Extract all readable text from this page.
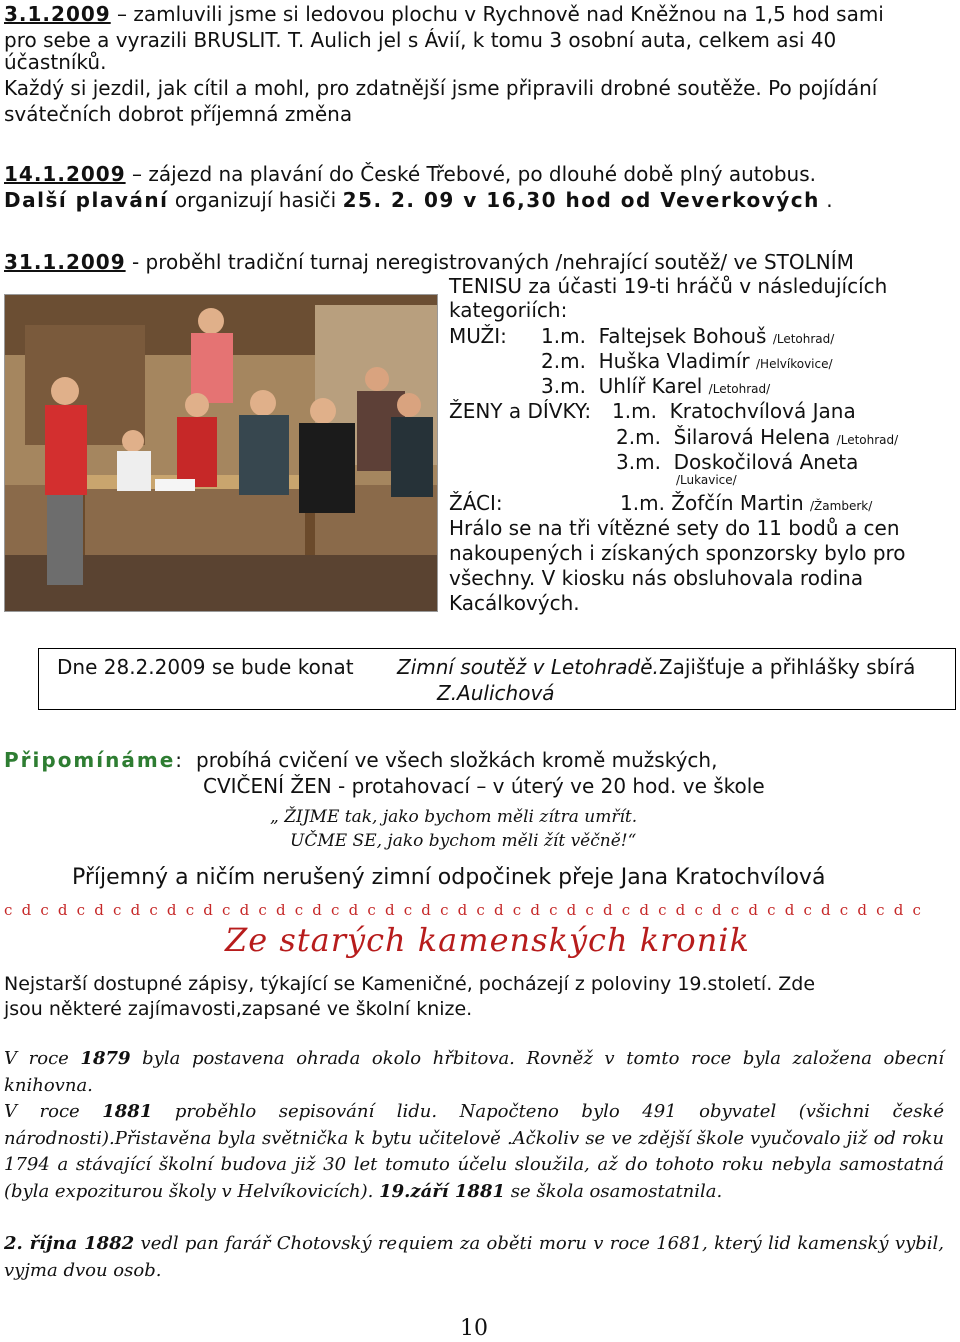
3.1.2009 – zamluvili jsme si ledovou plochu v Rychnově nad Kněžnou na 1,5 hod sami
pro sebe a vyrazili BRUSLIT. T. Aulich jel s Ávií, k tomu 3 osobní auta, celkem asi 40
účastníků.
Každý si jezdil, jak cítil a mohl, pro zdatnější jsme připravili drobné soutěže. Po pojídání
svátečních dobrot příjemná změna
14.1.2009 – zájezd na plavání do České Třebové, po dlouhé době plný autobus.
Další plavání organizují hasiči 25. 2. 09 v 16,30 hod od Veverkových .
31.1.2009 - proběhl tradiční turnaj neregistrovaných /nehrající soutěž/ ve STOLNÍM
TENISU za účasti 19-ti hráčů v následujících
kategoriích:
MUŽI: 1.m. Faltejsek Bohouš /Letohrad/
2.m. Huška Vladimír /Helvíkovice/
3.m. Uhlíř Karel /Letohrad/
ŽENY a DÍVKY: 1.m. Kratochvílová Jana
2.m. Šilarová Helena /Letohrad/
3.m. Doskočilová Aneta
/Lukavice/
ŽÁCI:	1.m. Žofčín Martin /Žamberk/
Hrálo se na tři vítězné sety do 11 bodů a cen
nakoupených i získaných sponzorsky bylo pro
všechny. V kiosku nás obsluhovala rodina
Kacálkových.
Dne 28.2.2009 se bude konat Zimní soutěž v Letohradě.Zajišťuje a přihlášky sbírá
Z.Aulichová
Připomínáme: probíhá cvičení ve všech složkách kromě mužských,
CVIČENÍ ŽEN - protahovací – v úterý ve 20 hod. ve škole
„ ŽIJME tak, jako bychom měli zítra umřít.
UČME SE, jako bychom měli žít věčně!“
Příjemný a ničím nerušený zimní odpočinek přeje Jana Kratochvílová
c d c d c d c d c d c d c d c d c d c d c d c d c d c d c d c d c d c d c d c d c d c d c d c d c d c
Ze starých kamenských kronik
Nejstarší dostupné zápisy, týkající se Kameničné, pocházejí z poloviny 19.století. Zde
jsou některé zajímavosti,zapsané ve školní knize.
V roce 1879 byla postavena ohrada okolo hřbitova. Rovněž v tomto roce byla založena obecní knihovna.
V roce 1881 proběhlo sepisování lidu. Napočteno bylo 491 obyvatel (všichni české národnosti).Přistavěna byla světnička k bytu učitelově .Ačkoliv se ve zdější škole vyučovalo již od roku 1794 a stávající školní budova již 30 let tomuto účelu sloužila, až do tohoto roku nebyla samostatná (byla expoziturou školy v Helvíkovicích). 19.září 1881 se škola osamostatnila.
2. října 1882 vedl pan farář Chotovský requiem za oběti moru v roce 1681, který lid kamenský vybil, vyjma dvou osob.
10
